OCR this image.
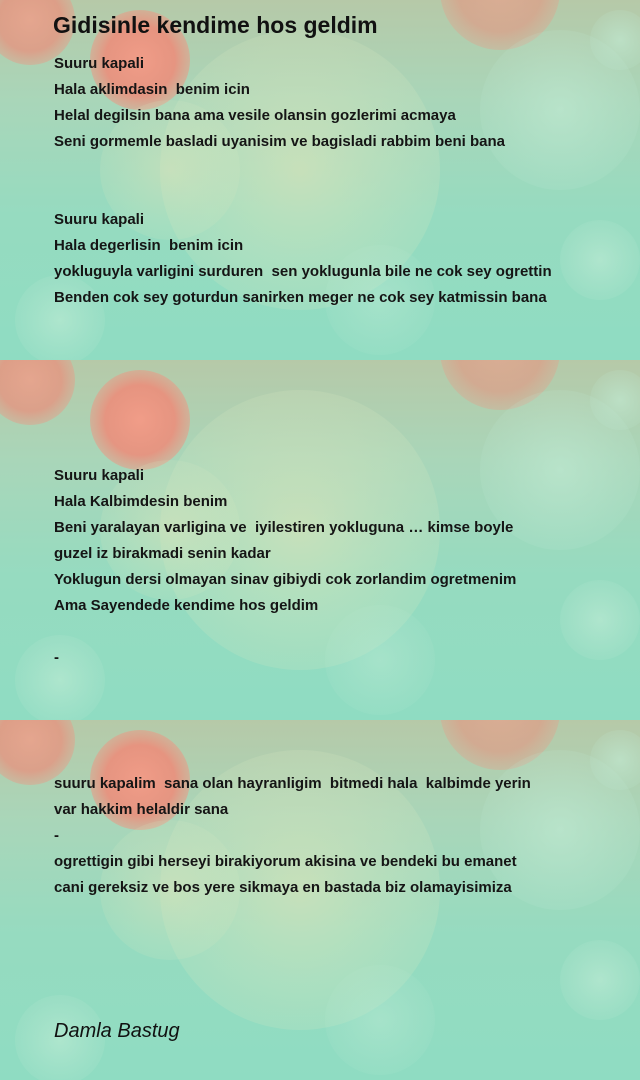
Gidisinle kendime hos geldim
Suuru kapali
Hala aklimdasin  benim icin
Helal degilsin bana ama vesile olansin gozlerimi acmaya
Seni gormemle basladi uyanisim ve bagisladi rabbim beni bana
Suuru kapali
Hala degerlisin  benim icin
yokluguyla varligini surduren  sen yoklugunla bile ne cok sey ogrettin
Benden cok sey goturdun sanirken meger ne cok sey katmissin bana
Suuru kapali
Hala Kalbimdesin benim
Beni yaralayan varligina ve  iyilestiren yokluguna … kimse boyle
guzel iz birakmadi senin kadar
Yoklugun dersi olmayan sinav gibiydi cok zorlandim ogretmenim
Ama Sayendede kendime hos geldim

-
suuru kapalim  sana olan hayranligim  bitmedi hala  kalbimde yerin
var hakkim helaldir sana
-
ogrettigin gibi herseyi birakiyorum akisina ve bendeki bu emanet
cani gereksiz ve bos yere sikmaya en bastada biz olamayisimiza
Damla Bastug
